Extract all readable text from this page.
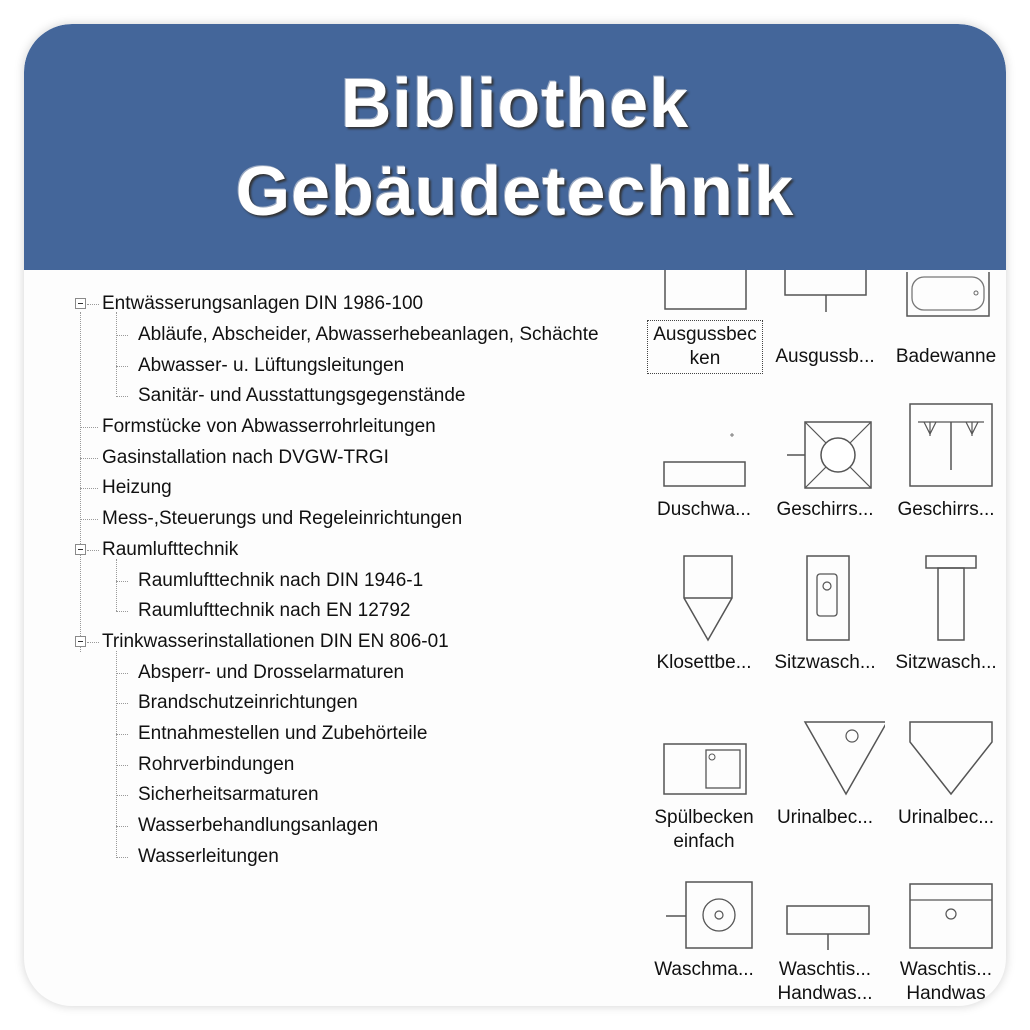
Bibliothek
Gebäudetechnik
Entwässerungsanlagen DIN 1986-100
Abläufe, Abscheider, Abwasserhebeanlagen, Schächte
Abwasser- u. Lüftungsleitungen
Sanitär- und Ausstattungsgegenstände
Formstücke von Abwasserrohrleitungen
Gasinstallation nach DVGW-TRGI
Heizung
Mess-,Steuerungs und Regeleinrichtungen
Raumlufttechnik
Raumlufttechnik nach DIN 1946-1
Raumlufttechnik nach EN 12792
Trinkwasserinstallationen DIN EN 806-01
Absperr- und Drosselarmaturen
Brandschutzeinrichtungen
Entnahmestellen und Zubehörteile
Rohrverbindungen
Sicherheitsarmaturen
Wasserbehandlungsanlagen
Wasserleitungen
Ausgussbec
ken	Ausgussb...	Badewanne
Duschwa...	Geschirrs...	Geschirrs...
Klosettbe...	Sitzwasch...	Sitzwasch...
Spülbecken
einfach
Urinalbec...	Urinalbec...
Waschma...	Waschtis...
Handwas...
Waschtis...
Handwas
